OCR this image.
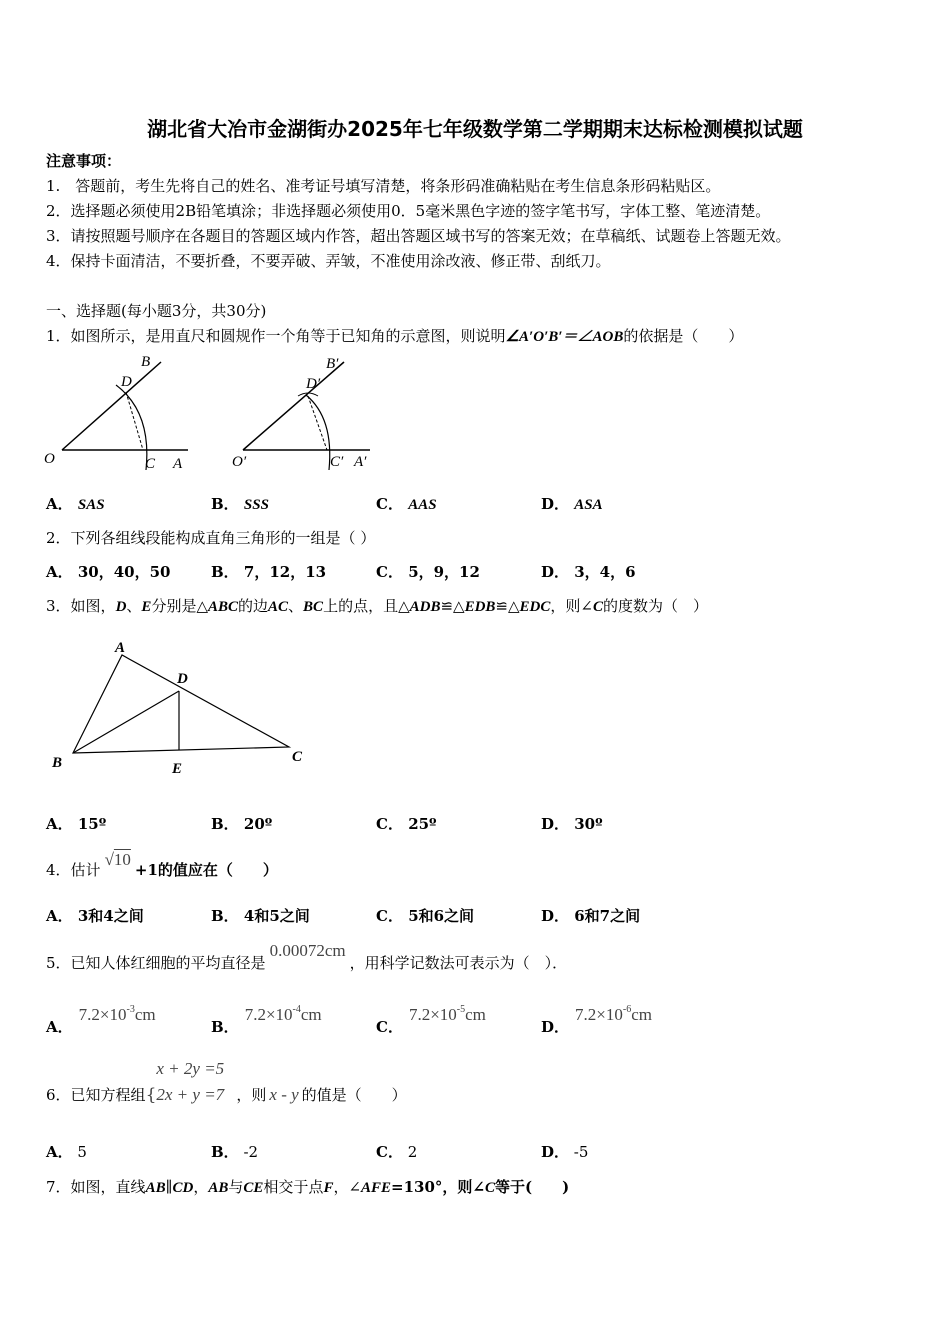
湖北省大冶市金湖街办2025年七年级数学第二学期期末达标检测模拟试题
注意事项：
1.　答题前，考生先将自己的姓名、准考证号填写清楚，将条形码准确粘贴在考生信息条形码粘贴区。
2．选择题必须使用2B铅笔填涂；非选择题必须使用0．5毫米黑色字迹的签字笔书写，字体工整、笔迹清楚。
3．请按照题号顺序在各题目的答题区域内作答，超出答题区域书写的答案无效；在草稿纸、试题卷上答题无效。
4．保持卡面清洁，不要折叠，不要弄破、弄皱，不准使用涂改液、修正带、刮纸刀。
一、选择题(每小题3分，共30分)
1．如图所示，是用直尺和圆规作一个角等于已知角的示意图，则说明∠A′O′B′＝∠AOB的依据是（　　）
O	C A
B
D
O′	C′ A′
B′
D′
A． SAS	B． SSS	C． AAS	D． ASA
2．下列各组线段能构成直角三角形的一组是（ ）
A． 30，40，50	B． 7，12，13	C． 5，9，12	D． 3，4，6
3．如图，D、E分别是△ABC的边AC、BC上的点，且△ADB≌△EDB≌△EDC，则∠C的度数为（　）
A
B	C
D
E
A． 15º	B． 20º	C． 25º	D． 30º
4．估计√10+1的值应在（　　）
A． 3和4之间	B． 4和5之间	C． 5和6之间	D． 6和7之间
5．已知人体红细胞的平均直径是0.00072cm，用科学记数法可表示为（　）．
A．$7.2\times 10^{-3}cm$
B．$7.2\times 10^{-4}cm$
C．$7.2\times 10^{-5}cm$
D．$7.2\times 10^{-6}cm$
6．已知方程组{
x + 2y =5
2x + y =7 ，则 x - y 的值是（　　）
A． 5	B． -2	C． 2	D． -5
7．如图，直线AB∥CD，AB与CE相交于点F，∠AFE=130°，则∠C等于(　　)
